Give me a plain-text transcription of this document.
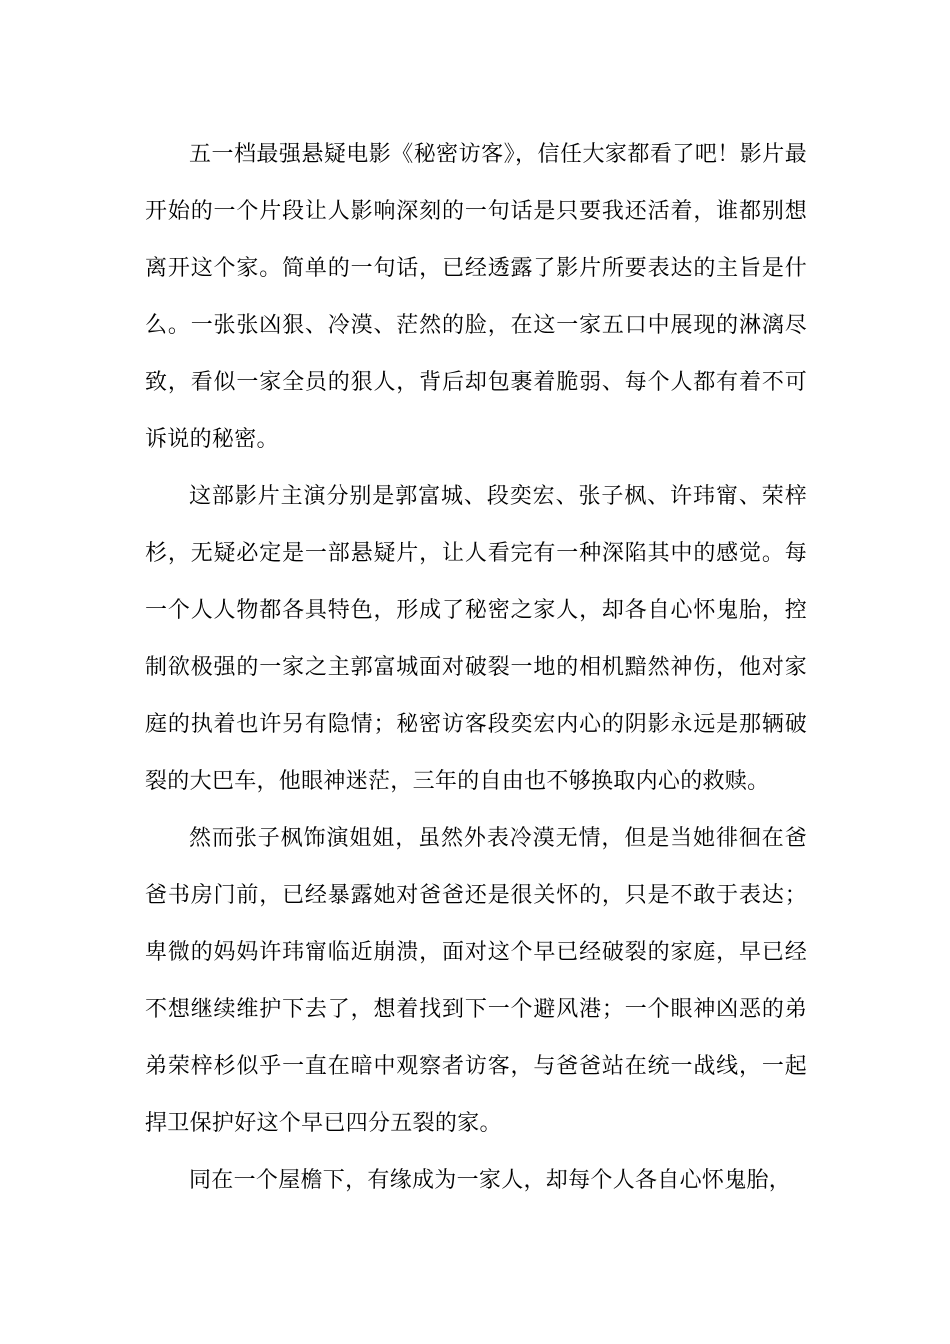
五一档最强悬疑电影《秘密访客》，信任大家都看了吧！影片最开始的一个片段让人影响深刻的一句话是只要我还活着，谁都别想离开这个家。简单的一句话，已经透露了影片所要表达的主旨是什么。一张张凶狠、冷漠、茫然的脸，在这一家五口中展现的淋漓尽致，看似一家全员的狠人，背后却包裹着脆弱、每个人都有着不可诉说的秘密。

这部影片主演分别是郭富城、段奕宏、张子枫、许玮甯、荣梓杉，无疑必定是一部悬疑片，让人看完有一种深陷其中的感觉。每一个人人物都各具特色，形成了秘密之家人，却各自心怀鬼胎，控制欲极强的一家之主郭富城面对破裂一地的相机黯然神伤，他对家庭的执着也许另有隐情；秘密访客段奕宏内心的阴影永远是那辆破裂的大巴车，他眼神迷茫，三年的自由也不够换取内心的救赎。

然而张子枫饰演姐姐，虽然外表冷漠无情，但是当她徘徊在爸爸书房门前，已经暴露她对爸爸还是很关怀的，只是不敢于表达；卑微的妈妈许玮甯临近崩溃，面对这个早已经破裂的家庭，早已经不想继续维护下去了，想着找到下一个避风港；一个眼神凶恶的弟弟荣梓杉似乎一直在暗中观察者访客，与爸爸站在统一战线，一起捍卫保护好这个早已四分五裂的家。

同在一个屋檐下，有缘成为一家人，却每个人各自心怀鬼胎，
